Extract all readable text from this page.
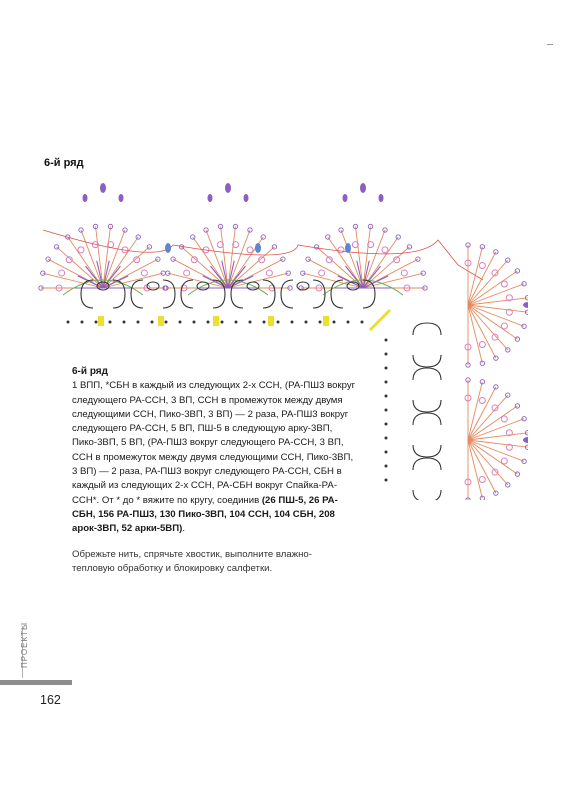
6-й ряд

6-й ряд

1 ВПП, *СБН в каждый из следующих 2-х ССН, (РА-ПШ3 вокруг следующего РА-ССН, 3 ВП, ССН в промежуток между двумя следующими ССН, Пико-3ВП, 3 ВП) — 2 раза, РА-ПШ3 вокруг следующего РА-ССН, 5 ВП, ПШ-5 в следующую арку-3ВП, Пико-3ВП, 5 ВП, (РА-ПШ3 вокруг следующего РА-ССН, 3 ВП, ССН в промежуток между двумя следующими ССН, Пико-3ВП, 3 ВП) — 2 раза, РА-ПШ3 вокруг следующего РА-ССН, СБН в каждый из следующих 2-х ССН, РА-СБН вокруг Спайка-РА-ССН*. От * до * вяжите по кругу, соединив (26 ПШ-5, 26 РА-СБН, 156 РА-ПШ3, 130 Пико-3ВП, 104 ССН, 104 СБН, 208 арок-3ВП, 52 арки-5ВП).

Обрежьте нить, спрячьте хвостик, выполните влажно-тепловую обработку и блокировку салфетки.
ПРОЕКТЫ
162
